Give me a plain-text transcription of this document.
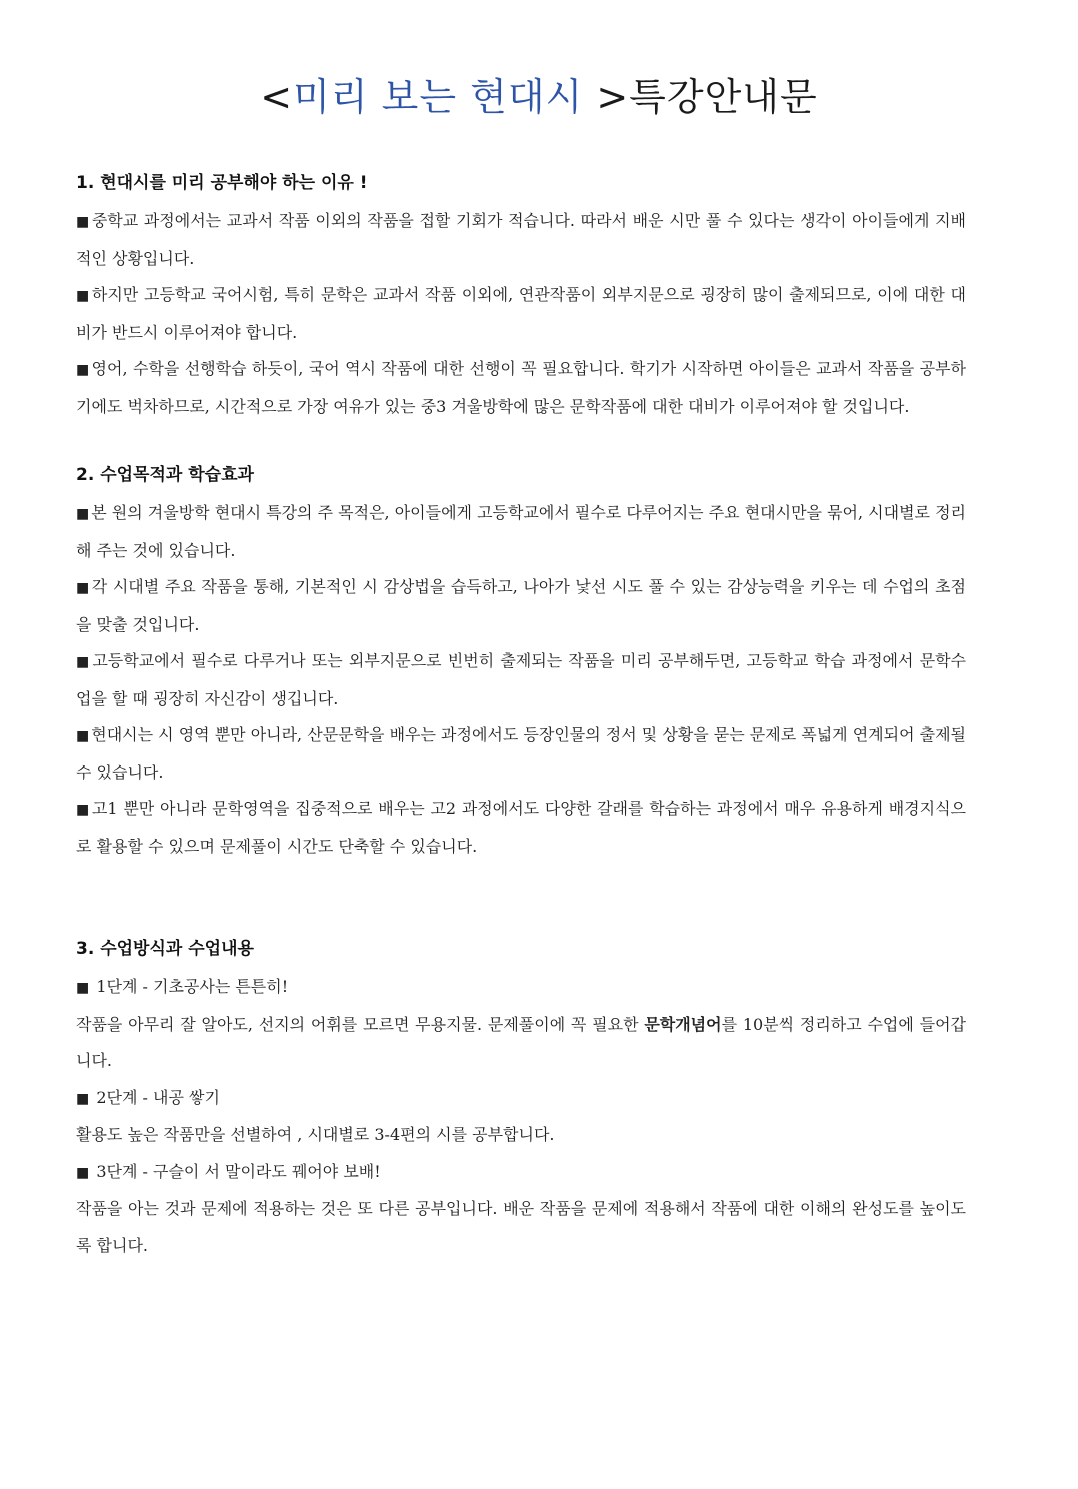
<미리 보는 현대시 >특강안내문
1. 현대시를 미리 공부해야 하는 이유 !

■ 중학교 과정에서는 교과서 작품 이외의 작품을 접할 기회가 적습니다. 따라서 배운 시만 풀 수 있다는 생각이 아이들에게 지배적인 상황입니다.

■ 하지만 고등학교 국어시험, 특히 문학은 교과서 작품 이외에, 연관작품이 외부지문으로 굉장히 많이 출제되므로, 이에 대한 대비가 반드시 이루어져야 합니다.

■ 영어, 수학을 선행학습 하듯이, 국어 역시 작품에 대한 선행이 꼭 필요합니다. 학기가 시작하면 아이들은 교과서 작품을 공부하기에도 벅차하므로, 시간적으로 가장 여유가 있는 중3 겨울방학에 많은 문학작품에 대한 대비가 이루어져야 할 것입니다.

2. 수업목적과 학습효과

■ 본 원의 겨울방학 현대시 특강의 주 목적은, 아이들에게 고등학교에서 필수로 다루어지는 주요 현대시만을 묶어, 시대별로 정리해 주는 것에 있습니다.

■ 각 시대별 주요 작품을 통해, 기본적인 시 감상법을 습득하고, 나아가 낯선 시도 풀 수 있는 감상능력을 키우는 데 수업의 초점을 맞출 것입니다.

■ 고등학교에서 필수로 다루거나 또는 외부지문으로 빈번히 출제되는 작품을 미리 공부해두면, 고등학교 학습 과정에서 문학수업을 할 때 굉장히 자신감이 생깁니다.

■ 현대시는 시 영역 뿐만 아니라, 산문문학을 배우는 과정에서도 등장인물의 정서 및 상황을 묻는 문제로 폭넓게 연계되어 출제될 수 있습니다.

■ 고1 뿐만 아니라 문학영역을 집중적으로 배우는 고2 과정에서도 다양한 갈래를 학습하는 과정에서 매우 유용하게 배경지식으로 활용할 수 있으며 문제풀이 시간도 단축할 수 있습니다.

3. 수업방식과 수업내용

■ 1단계 - 기초공사는 튼튼히!

작품을 아무리 잘 알아도, 선지의 어휘를 모르면 무용지물. 문제풀이에 꼭 필요한 문학개념어를 10분씩 정리하고 수업에 들어갑니다.

■ 2단계 - 내공 쌓기

활용도 높은 작품만을 선별하여 , 시대별로 3-4편의 시를 공부합니다.

■ 3단계 - 구슬이 서 말이라도 꿰어야 보배!

작품을 아는 것과 문제에 적용하는 것은 또 다른 공부입니다. 배운 작품을 문제에 적용해서 작품에 대한 이해의 완성도를 높이도록 합니다.
